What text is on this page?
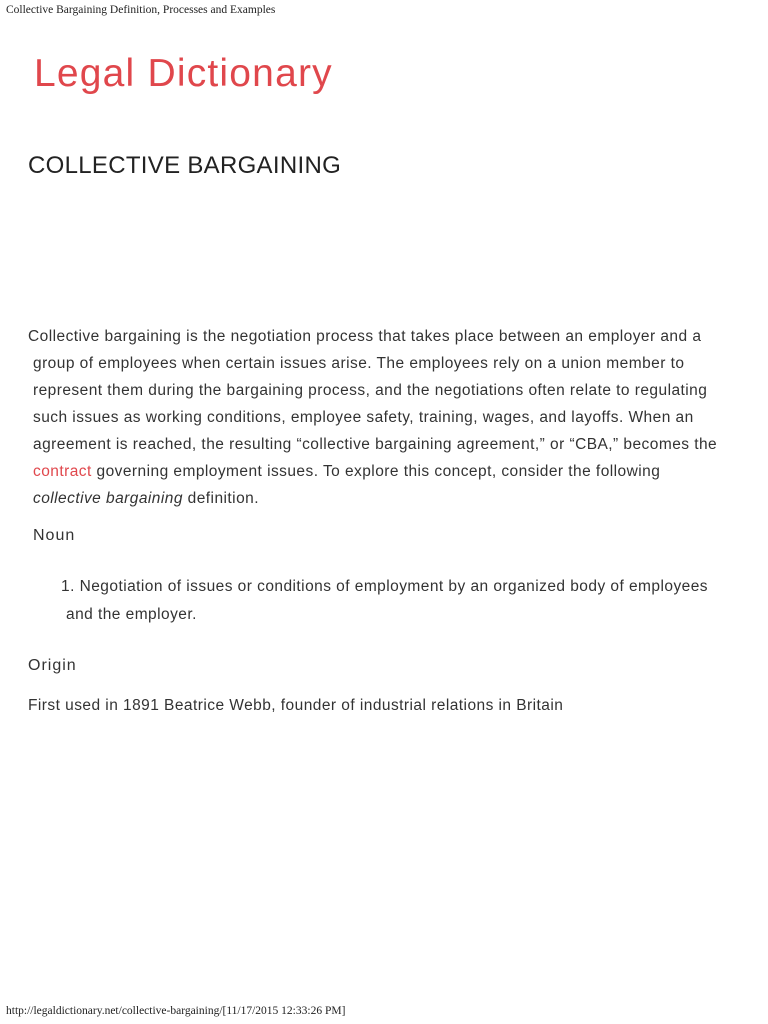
Collective Bargaining Definition, Processes and Examples
Legal Dictionary
COLLECTIVE BARGAINING

Collective bargaining is the negotiation process that takes place between an employer and a
group of employees when certain issues arise. The employees rely on a union member to
represent them during the bargaining process, and the negotiations often relate to regulating
such issues as working conditions, employee safety, training, wages, and layoffs. When an
agreement is reached, the resulting “collective bargaining agreement,” or “CBA,” becomes the
contract governing employment issues. To explore this concept, consider the following
collective bargaining definition.

Noun
1. Negotiation of issues or conditions of employment by an organized body of employees
and the employer.
Origin

First used in 1891 Beatrice Webb, founder of industrial relations in Britain

http://legaldictionary.net/collective-bargaining/[11/17/2015 12:33:26 PM]
